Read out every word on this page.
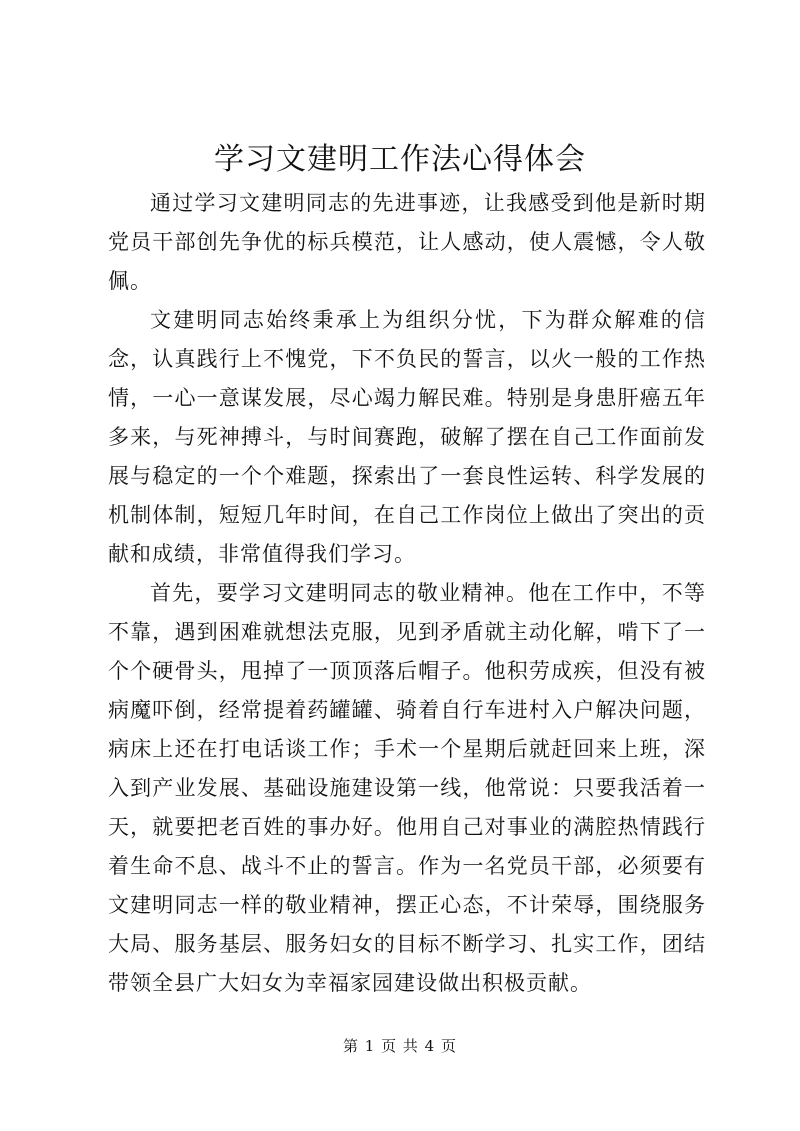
学习文建明工作法心得体会

通过学习文建明同志的先进事迹，让我感受到他是新时期党员干部创先争优的标兵模范，让人感动，使人震憾，令人敬佩。

文建明同志始终秉承上为组织分忧，下为群众解难的信念，认真践行上不愧党，下不负民的誓言，以火一般的工作热情，一心一意谋发展，尽心竭力解民难。特别是身患肝癌五年多来，与死神搏斗，与时间赛跑，破解了摆在自己工作面前发展与稳定的一个个难题，探索出了一套良性运转、科学发展的机制体制，短短几年时间，在自己工作岗位上做出了突出的贡献和成绩，非常值得我们学习。

首先，要学习文建明同志的敬业精神。他在工作中，不等不靠，遇到困难就想法克服，见到矛盾就主动化解，啃下了一个个硬骨头，甩掉了一顶顶落后帽子。他积劳成疾，但没有被病魔吓倒，经常提着药罐罐、骑着自行车进村入户解决问题，病床上还在打电话谈工作；手术一个星期后就赶回来上班，深入到产业发展、基础设施建设第一线，他常说：只要我活着一天，就要把老百姓的事办好。他用自己对事业的满腔热情践行着生命不息、战斗不止的誓言。作为一名党员干部，必须要有文建明同志一样的敬业精神，摆正心态，不计荣辱，围绕服务大局、服务基层、服务妇女的目标不断学习、扎实工作，团结带领全县广大妇女为幸福家园建设做出积极贡献。

第 1 页 共 4 页
